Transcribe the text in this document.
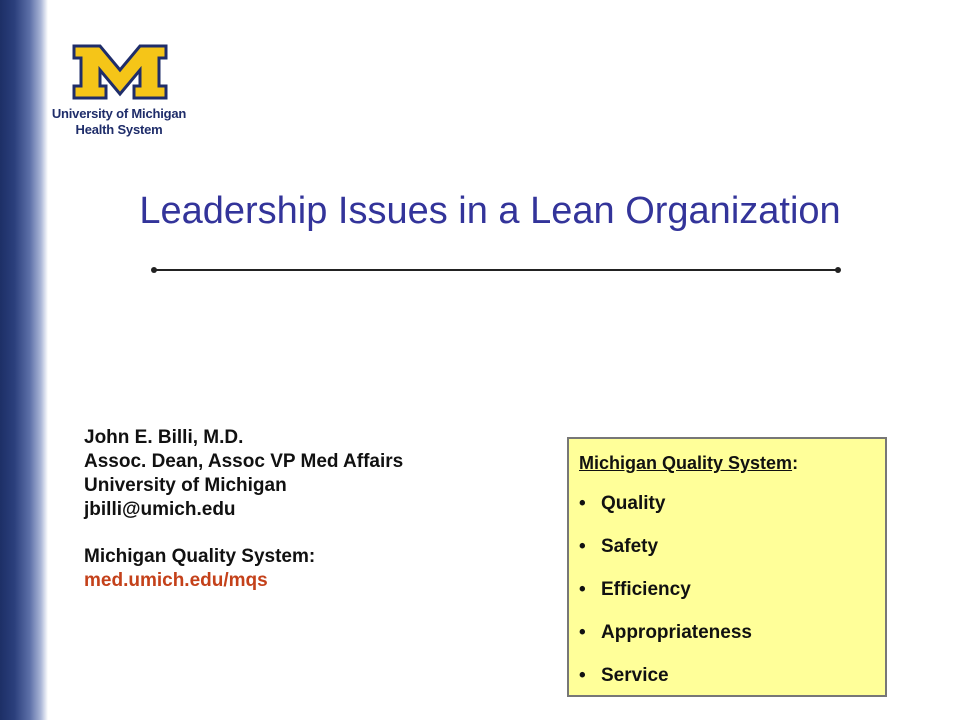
University of Michigan
Health System
Leadership Issues in a Lean Organization
John E. Billi, M.D.
Assoc. Dean, Assoc VP Med Affairs
University of Michigan
jbilli@umich.edu
Michigan Quality System:
med.umich.edu/mqs
Michigan Quality System:
• Quality
• Safety
• Efficiency
• Appropriateness
• Service
